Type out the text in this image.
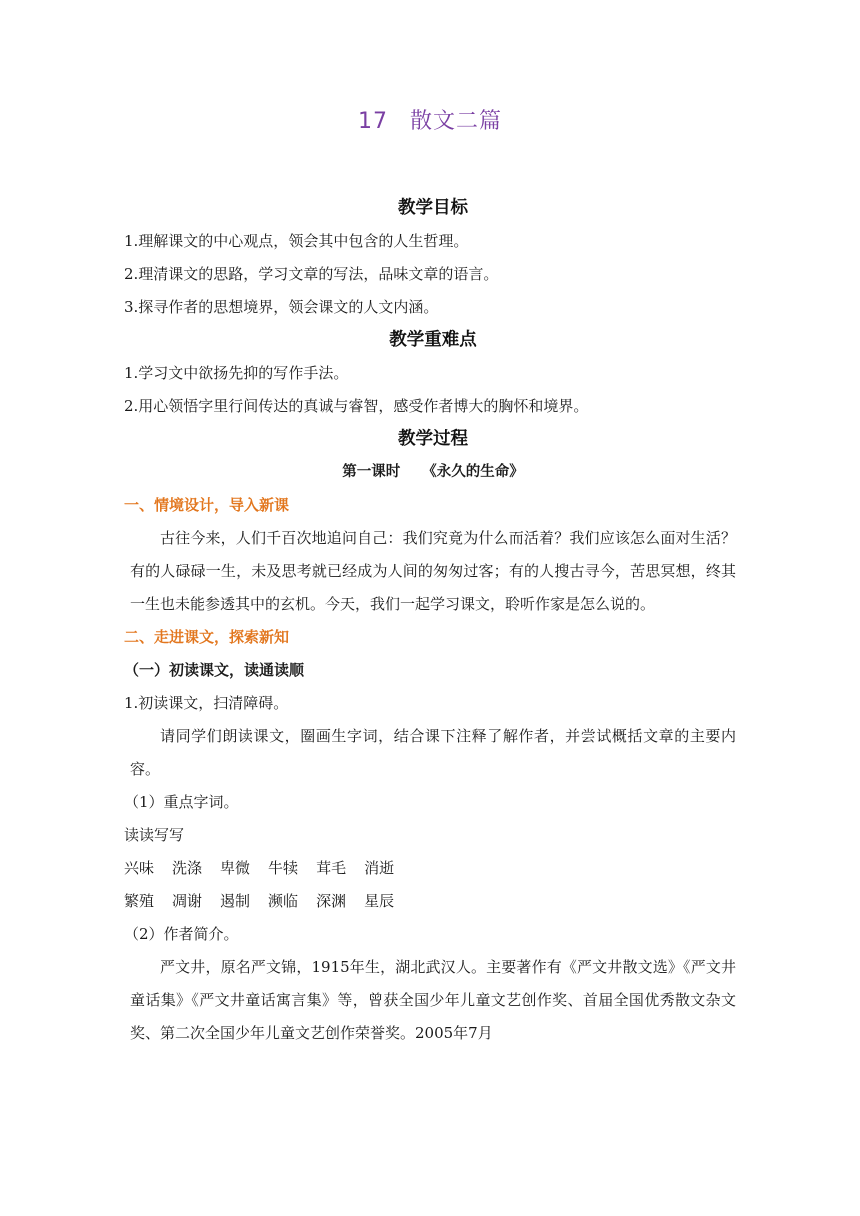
17 散文二篇

教学目标

1.理解课文的中心观点，领会其中包含的人生哲理。

2.理清课文的思路，学习文章的写法，品味文章的语言。

3.探寻作者的思想境界，领会课文的人文内涵。

教学重难点

1.学习文中欲扬先抑的写作手法。

2.用心领悟字里行间传达的真诚与睿智，感受作者博大的胸怀和境界。

教学过程

第一课时 《永久的生命》

一、情境设计，导入新课

古往今来，人们千百次地追问自己：我们究竟为什么而活着？我们应该怎么面对生活？有的人碌碌一生，未及思考就已经成为人间的匆匆过客；有的人搜古寻今，苦思冥想，终其一生也未能参透其中的玄机。今天，我们一起学习课文，聆听作家是怎么说的。

二、走进课文，探索新知

（一）初读课文，读通读顺

1.初读课文，扫清障碍。

请同学们朗读课文，圈画生字词，结合课下注释了解作者，并尝试概括文章的主要内容。

（1）重点字词。

读读写写

兴味 洗涤 卑微 牛犊 茸毛 消逝

繁殖 凋谢 遏制 濒临 深渊 星辰

（2）作者简介。

严文井，原名严文锦，1915年生，湖北武汉人。主要著作有《严文井散文选》《严文井童话集》《严文井童话寓言集》等，曾获全国少年儿童文艺创作奖、首届全国优秀散文杂文奖、第二次全国少年儿童文艺创作荣誉奖。2005年7月
